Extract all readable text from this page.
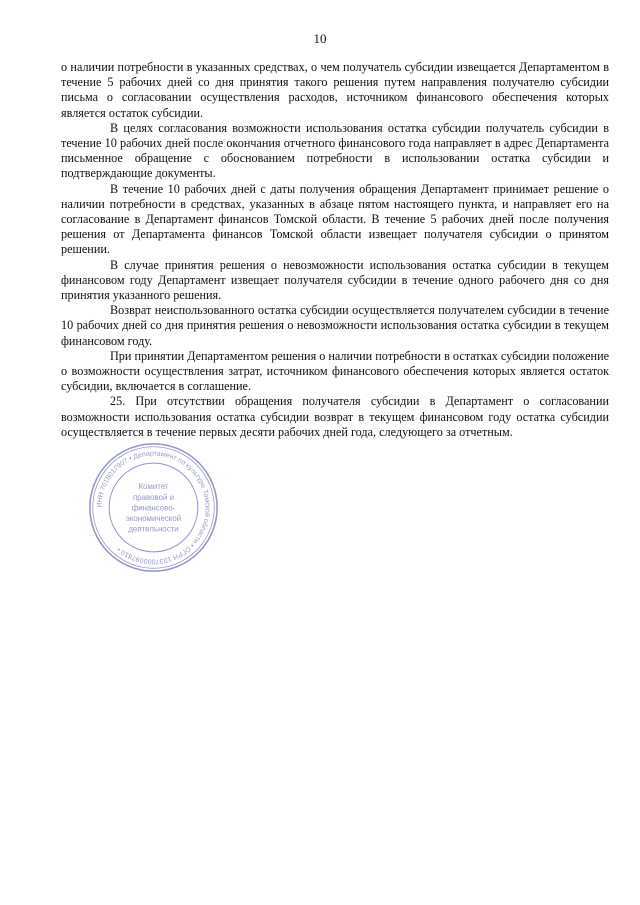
10

о наличии потребности в указанных средствах, о чем получатель субсидии извещается Департаментом в течение 5 рабочих дней со дня принятия такого решения путем направления получателю субсидии письма о согласовании осуществления расходов, источником финансового обеспечения которых является остаток субсидии.

В целях согласования возможности использования остатка субсидии получатель субсидии в течение 10 рабочих дней после окончания отчетного финансового года направляет в адрес Департамента письменное обращение с обоснованием потребности в использовании остатка субсидии и подтверждающие документы.

В течение 10 рабочих дней с даты получения обращения Департамент принимает решение о наличии потребности в средствах, указанных в абзаце пятом настоящего пункта, и направляет его на согласование в Департамент финансов Томской области. В течение 5 рабочих дней после получения решения от Департамента финансов Томской области извещает получателя субсидии о принятом решении.

В случае принятия решения о невозможности использования остатка субсидии в текущем финансовом году Департамент извещает получателя субсидии в течение одного рабочего дня со дня принятия указанного решения.

Возврат неиспользованного остатка субсидии осуществляется получателем субсидии в течение 10 рабочих дней со дня принятия решения о невозможности использования остатка субсидии в текущем финансовом году.

При принятии Департаментом решения о наличии потребности в остатках субсидии положение о возможности осуществления затрат, источником финансового обеспечения которых является остаток субсидии, включается в соглашение.

25. При отсутствии обращения получателя субсидии в Департамент о согласовании возможности использования остатка субсидии возврат в текущем финансовом году остатка субсидии осуществляется в течение первых десяти рабочих дней года, следующего за отчетным.

ИНН 7018017907 • Департамент по культуре Томской области • ОГРН 1037000097810 •
Комитет
правовой и
финансово-
экономической
деятельности
